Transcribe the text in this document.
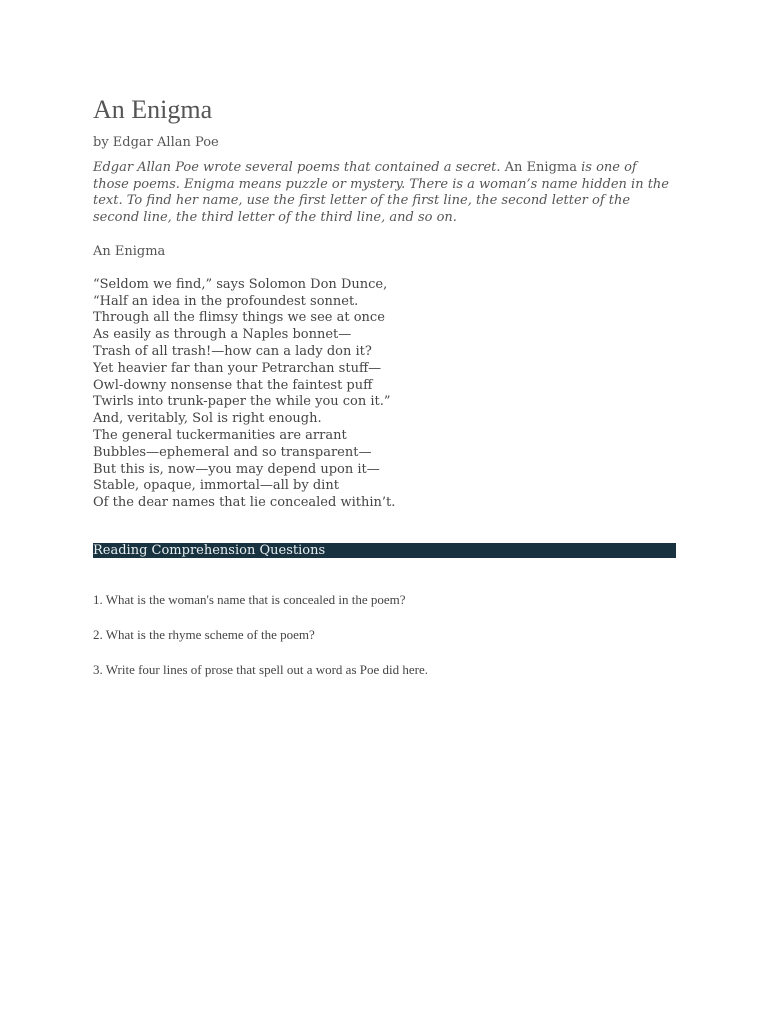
An Enigma
by Edgar Allan Poe
Edgar Allan Poe wrote several poems that contained a secret. An Enigma is one of those poems. Enigma means puzzle or mystery. There is a woman’s name hidden in the text. To find her name, use the first letter of the first line, the second letter of the second line, the third letter of the third line, and so on.
An Enigma
“Seldom we find,” says Solomon Don Dunce,
“Half an idea in the profoundest sonnet.
Through all the flimsy things we see at once
As easily as through a Naples bonnet—
Trash of all trash!—how can a lady don it?
Yet heavier far than your Petrarchan stuff—
Owl-downy nonsense that the faintest puff
Twirls into trunk-paper the while you con it.”
And, veritably, Sol is right enough.
The general tuckermanities are arrant
Bubbles—ephemeral and so transparent—
But this is, now—you may depend upon it—
Stable, opaque, immortal—all by dint
Of the dear names that lie concealed within’t.
Reading Comprehension Questions
1. What is the woman's name that is concealed in the poem?
2. What is the rhyme scheme of the poem?
3. Write four lines of prose that spell out a word as Poe did here.
